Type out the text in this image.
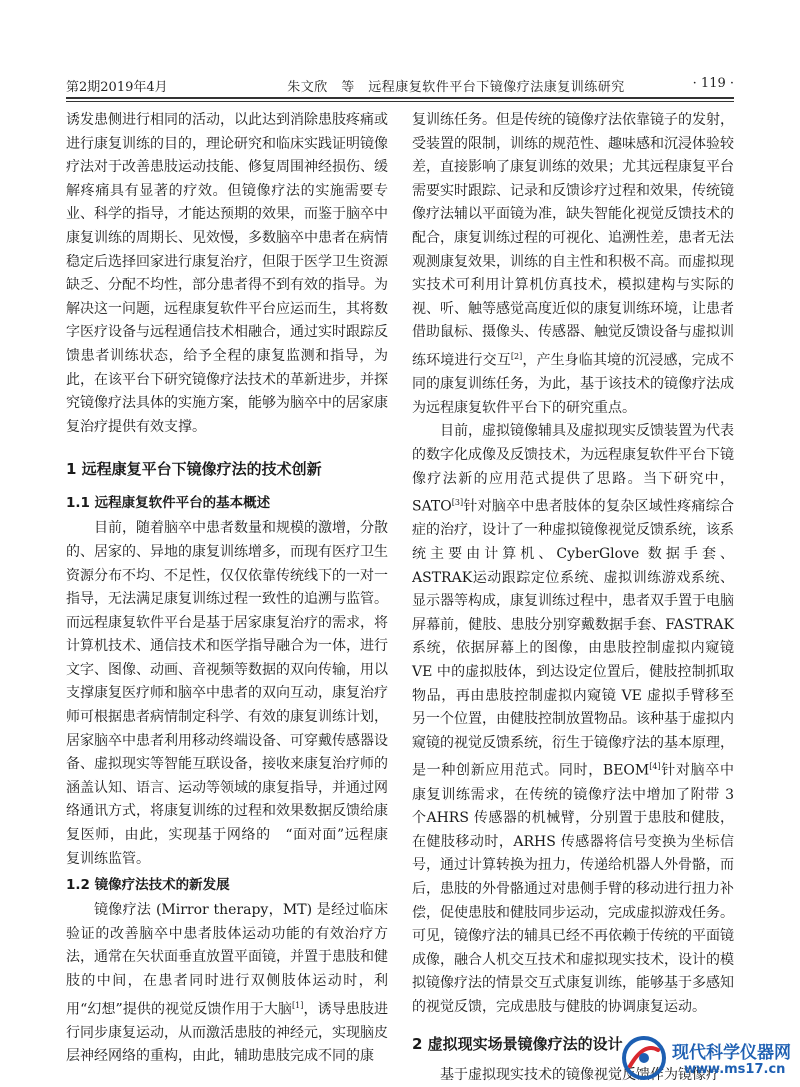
第2期2019年4月	朱文欣　等　远程康复软件平台下镜像疗法康复训练研究	· 119 ·

诱发患侧进行相同的活动，以此达到消除患肢疼痛或进行康复训练的目的，理论研究和临床实践证明镜像疗法对于改善患肢运动技能、修复周围神经损伤、缓解疼痛具有显著的疗效。但镜像疗法的实施需要专业、科学的指导，才能达预期的效果，而鉴于脑卒中康复训练的周期长、见效慢，多数脑卒中患者在病情稳定后选择回家进行康复治疗，但限于医学卫生资源缺乏、分配不均性，部分患者得不到有效的指导。为解决这一问题，远程康复软件平台应运而生，其将数字医疗设备与远程通信技术相融合，通过实时跟踪反馈患者训练状态，给予全程的康复监测和指导，为此，在该平台下研究镜像疗法技术的革新进步，并探究镜像疗法具体的实施方案，能够为脑卒中的居家康复治疗提供有效支撑。

1 远程康复平台下镜像疗法的技术创新
1.1 远程康复软件平台的基本概述

目前，随着脑卒中患者数量和规模的激增，分散的、居家的、异地的康复训练增多，而现有医疗卫生资源分布不均、不足性，仅仅依靠传统线下的一对一指导，无法满足康复训练过程一致性的追溯与监管。而远程康复软件平台是基于居家康复治疗的需求，将计算机技术、通信技术和医学指导融合为一体，进行文字、图像、动画、音视频等数据的双向传输，用以支撑康复医疗师和脑卒中患者的双向互动，康复治疗师可根据患者病情制定科学、有效的康复训练计划，居家脑卒中患者利用移动终端设备、可穿戴传感器设备、虚拟现实等智能互联设备，接收来康复治疗师的涵盖认知、语言、运动等领域的康复指导，并通过网络通讯方式，将康复训练的过程和效果数据反馈给康复医师，由此，实现基于网络的　“面对面”远程康复训练监管。

1.2 镜像疗法技术的新发展

镜像疗法 (Mirror therapy，MT) 是经过临床验证的改善脑卒中患者肢体运动功能的有效治疗方法，通常在矢状面垂直放置平面镜，并置于患肢和健肢的中间，在患者同时进行双侧肢体运动时，利用“幻想”提供的视觉反馈作用于大脑[1]，诱导患肢进行同步康复运动，从而激活患肢的神经元，实现脑皮层神经网络的重构，由此，辅助患肢完成不同的康

复训练任务。但是传统的镜像疗法依靠镜子的发射，受装置的限制，训练的规范性、趣味感和沉浸体验较差，直接影响了康复训练的效果；尤其远程康复平台需要实时跟踪、记录和反馈诊疗过程和效果，传统镜像疗法辅以平面镜为准，缺失智能化视觉反馈技术的配合，康复训练过程的可视化、追溯性差，患者无法观测康复效果，训练的自主性和积极不高。而虚拟现实技术可利用计算机仿真技术，模拟建构与实际的视、听、触等感觉高度近似的康复训练环境，让患者借助鼠标、摄像头、传感器、触觉反馈设备与虚拟训练环境进行交互[2]，产生身临其境的沉浸感，完成不同的康复训练任务，为此，基于该技术的镜像疗法成为远程康复软件平台下的研究重点。

目前，虚拟镜像辅具及虚拟现实反馈装置为代表的数字化成像及反馈技术，为远程康复软件平台下镜像疗法新的应用范式提供了思路。当下研究中，SATO[3]针对脑卒中患者肢体的复杂区域性疼痛综合症的治疗，设计了一种虚拟镜像视觉反馈系统，该系统主要由计算机、CyberGlove 数据手套、ASTRAK运动跟踪定位系统、虚拟训练游戏系统、显示器等构成，康复训练过程中，患者双手置于电脑屏幕前，健肢、患肢分别穿戴数据手套、FASTRAK　系统，依据屏幕上的图像，由患肢控制虚拟内窥镜 VE 中的虚拟肢体，到达设定位置后，健肢控制抓取物品，再由患肢控制虚拟内窥镜 VE 虚拟手臂移至另一个位置，由健肢控制放置物品。该种基于虚拟内窥镜的视觉反馈系统，衍生于镜像疗法的基本原理，是一种创新应用范式。同时，BEOM[4]针对脑卒中康复训练需求，在传统的镜像疗法中增加了附带 3 个AHRS 传感器的机械臂，分别置于患肢和健肢，在健肢移动时，ARHS 传感器将信号变换为坐标信号，通过计算转换为扭力，传递给机器人外骨骼，而后，患肢的外骨骼通过对患侧手臂的移动进行扭力补偿，促使患肢和健肢同步运动，完成虚拟游戏任务。可见，镜像疗法的辅具已经不再依赖于传统的平面镜成像，融合人机交互技术和虚拟现实技术，设计的模拟镜像疗法的情景交互式康复训练，能够基于多感知的视觉反馈，完成患肢与健肢的协调康复运动。

2 虚拟现实场景镜像疗法的设计

基于虚拟现实技术的镜像视觉反馈作为镜像疗

现代科学仪器网
www.ms17.cn
